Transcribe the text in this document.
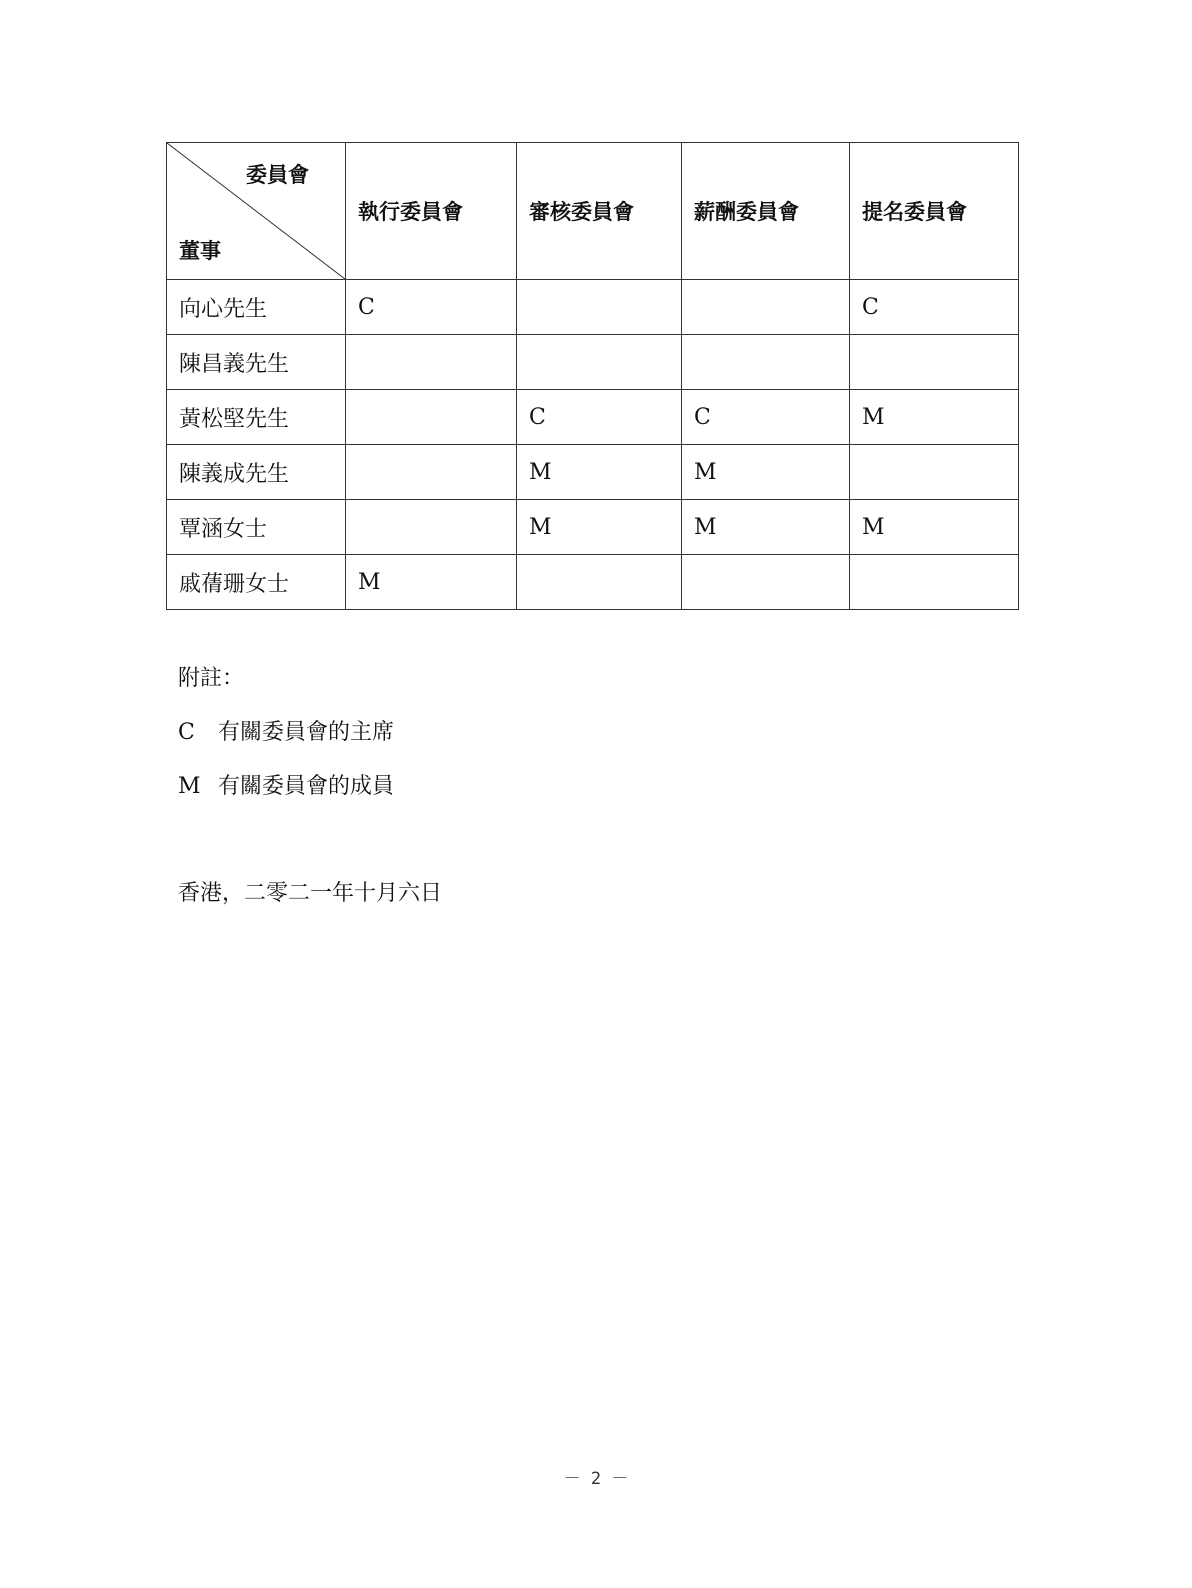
委員會
董事	執行委員會	審核委員會	薪酬委員會	提名委員會
向心先生	C			C
陳昌義先生				
黃松堅先生		C	C	M
陳義成先生		M	M	
覃涵女士		M	M	M
戚蒨珊女士	M			
附註：
C 有關委員會的主席
M 有關委員會的成員
香港，二零二一年十月六日
－ 2 －
